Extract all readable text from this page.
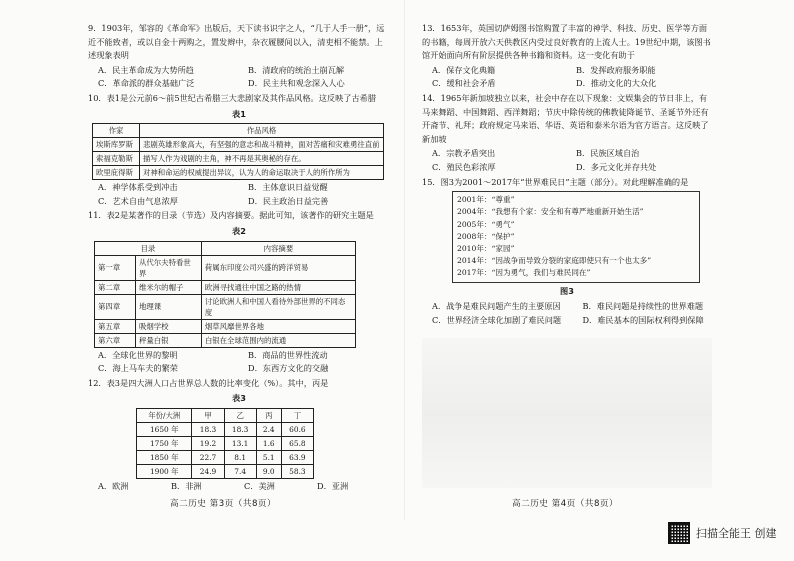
9．1903年，邹容的《革命军》出版后，天下读书识字之人，“几于人手一册”，远近不能致者，或以自金十两购之，置发辫中，杂衣履腰间以入，清吏相不能禁。上述现象表明
A．民主革命成为大势所趋	B．清政府的统治土崩瓦解
C．革命派的群众基础广泛	D．民主共和观念深入人心
10．表1是公元前6～前5世纪古希腊三大悲剧家及其作品风格。这反映了古希腊
表1
作家	作品风格
埃斯库罗斯	悲剧英雄形象高大，有坚强的意志和战斗精神，面对苦痛和灾难勇往直前
索福克勒斯	描写人作为戏剧的主角，神不再是其奥秘的存在。
欧里庇得斯	对神和命运的权威提出异议，认为人的命运取决于人的所作所为
A．神学体系受到冲击	B．主体意识日益觉醒
C．艺术自由气息浓厚	D．民主政治日益完善
11．表2是某著作的目录（节选）及内容摘要。据此可知，该著作的研究主题是
表2
目录		内容摘要
第一章	从代尔夫特看世界	荷属东印度公司兴盛的跨洋贸易
第二章	维米尔的帽子	欧洲寻找通往中国之路的热情
第四章	地理课	讨论欧洲人和中国人看待外部世界的不同态度
第五章	吸烟学校	烟草风靡世界各地
第六章	秤量白银	白银在全球范围内的流通
A．全球化世界的黎明	B．商品的世界性流动
C．海上马车夫的繁荣	D．东西方文化的交融
12．表3是四大洲人口占世界总人数的比率变化（%）。其中，丙是
表3
年份/大洲	甲	乙	丙	丁
1650 年	18.3	18.3	2.4	60.6
1750 年	19.2	13.1	1.6	65.8
1850 年	22.7	8.1	5.1	63.9
1900 年	24.9	7.4	9.0	58.3
A．欧洲	B．非洲	C．美洲	D．亚洲
高二历史 第3页（共8页）
13．1653年，英国切萨姆图书馆购置了丰富的神学、科技、历史、医学等方面的书籍，每周开放六天供教区内受过良好教育的上流人士。19世纪中期，该图书馆开始面向所有阶层提供各种书籍和资料。这一变化有助于
A．保存文化典籍	B．发挥政府服务职能
C．缓和社会矛盾	D．推动文化的大众化
14．1965年新加坡独立以来，社会中存在以下现象：文娱集会的节日非上，有马来舞蹈、中国舞蹈、西洋舞蹈；节庆中除传统的佛教徒降诞节、圣诞节外还有开斋节、礼拜；政府规定马来语、华语、英语和泰米尔语为官方语言。这反映了新加坡
A．宗教矛盾突出	B．民族区域自治
C．殖民色彩浓厚	D．多元文化并存共处
15．图3为2001～2017年“世界难民日”主题（部分）。对此理解准确的是
2001年：“尊重”
2004年：“我想有个家：安全和有尊严地重新开始生活”
2005年：“勇气”
2008年：“保护”
2010年：“家园”
2014年：“因战争而导致分裂的家庭即使只有一个也太多”
2017年：“因为勇气，我们与难民同在”
图3
A．战争是难民问题产生的主要原因	B．难民问题是持续性的世界难题
C．世界经济全球化加剧了难民问题	D．难民基本的国际权利得到保障
高二历史 第4页（共8页）
扫描全能王 创建
